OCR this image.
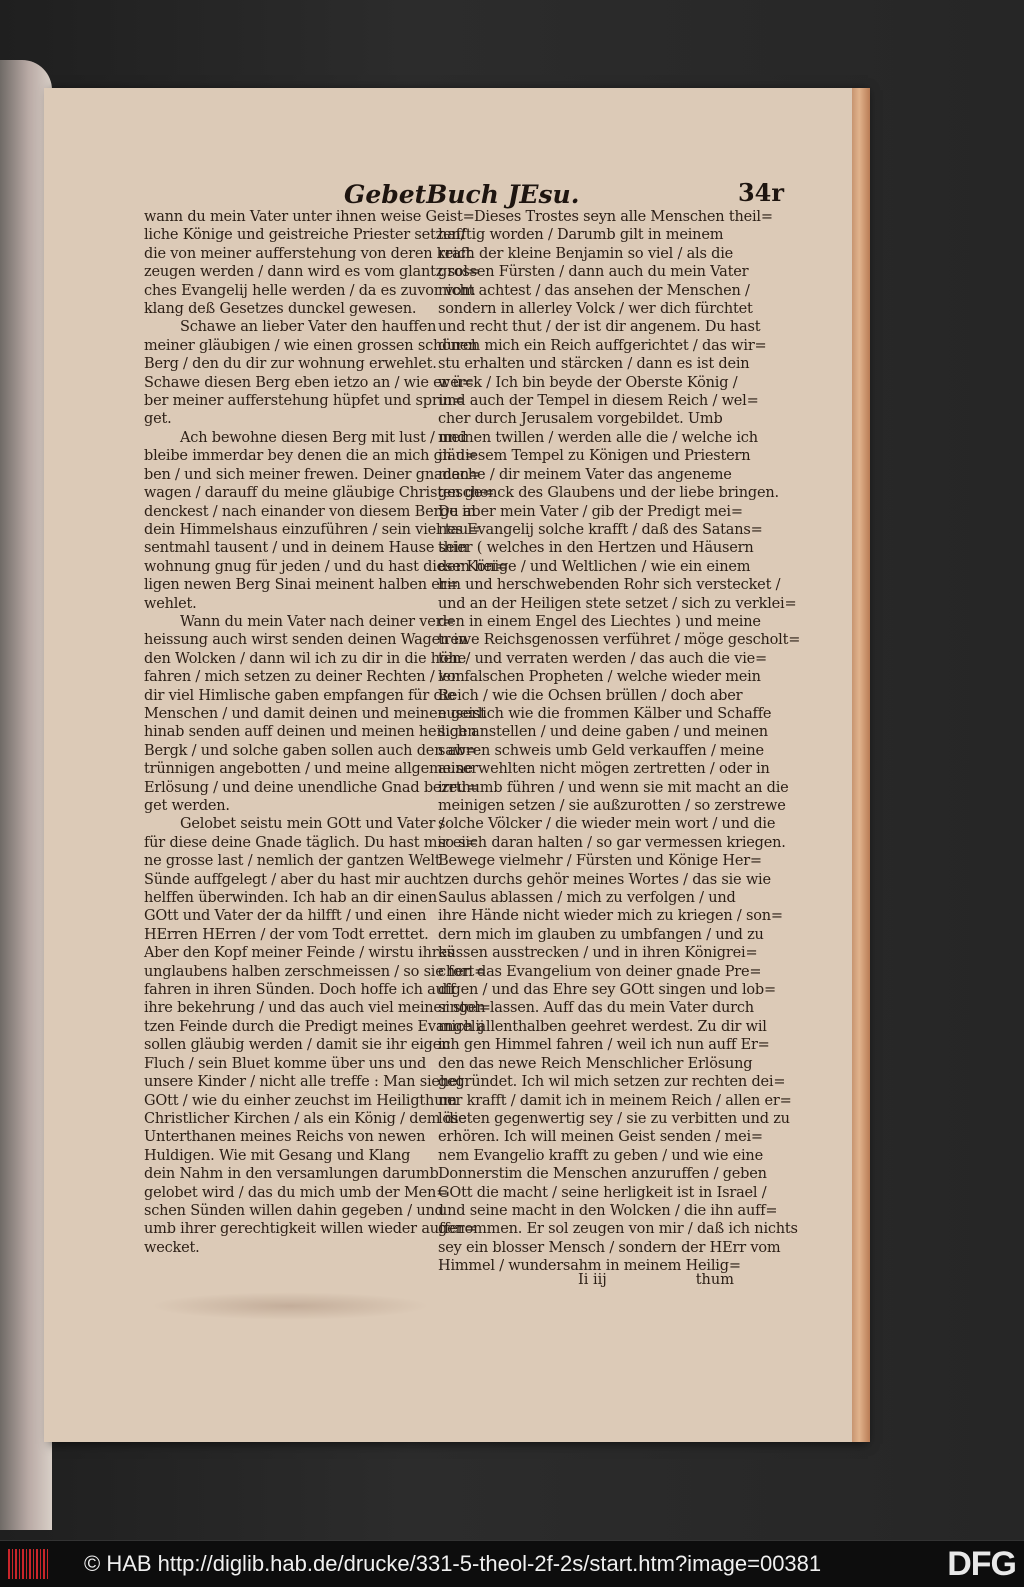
GebetBuch JEsu.	34r
wann du mein Vater unter ihnen weise Geist=
liche Könige und geistreiche Priester setzen/
die von meiner aufferstehung von deren kraft
zeugen werden / dann wird es vom glantz sol=
ches Evangelij helle werden / da es zuvor vom
klang deß Gesetzes dunckel gewesen.
Schawe an lieber Vater den hauffen
meiner gläubigen / wie einen grossen schönen
Berg / den du dir zur wohnung erwehlet.
Schawe diesen Berg eben ietzo an / wie er ü=
ber meiner aufferstehung hüpfet und sprin=
get.
Ach bewohne diesen Berg mit lust / und
bleibe immerdar bey denen die an mich gläu=
ben / und sich meiner frewen. Deiner gnaden=
wagen / darauff du meine gläubige Christen ge=
denckest / nach einander von diesem Berge in
dein Himmelshaus einzuführen / sein viel tau=
sentmahl tausent / und in deinem Hause sein
wohnung gnug für jeden / und du hast diesen hei=
ligen newen Berg Sinai meinent halben er=
wehlet.
Wann du mein Vater nach deiner ver=
heissung auch wirst senden deinen Wagen in
den Wolcken / dann wil ich zu dir in die höhe
fahren / mich setzen zu deiner Rechten / von
dir viel Himlische gaben empfangen für die
Menschen / und damit deinen und meinen geist
hinab senden auff deinen und meinen heiligen
Bergk / und solche gaben sollen auch den ab=
trünnigen angebotten / und meine allgemeine
Erlösung / und deine unendliche Gnad bezeu=
get werden.
Gelobet seistu mein GOtt und Vater /
für diese deine Gnade täglich. Du hast mir ei=
ne grosse last / nemlich der gantzen Welt
Sünde auffgelegt / aber du hast mir auch
helffen überwinden. Ich hab an dir einen
GOtt und Vater der da hilfft / und einen
HErren HErren / der vom Todt errettet.
Aber den Kopf meiner Feinde / wirstu ihres
unglaubens halben zerschmeissen / so sie fort=
fahren in ihren Sünden. Doch hoffe ich auff
ihre bekehrung / und das auch viel meiner stol=
tzen Feinde durch die Predigt meines Evangelij
sollen gläubig werden / damit sie ihr eigen
Fluch / sein Bluet komme über uns und
unsere Kinder / nicht alle treffe : Man siehet
GOtt / wie du einher zeuchst im Heiligthum
Christlicher Kirchen / als ein König / dem die
Unterthanen meines Reichs von newen
Huldigen. Wie mit Gesang und Klang
dein Nahm in den versamlungen darumb
gelobet wird / das du mich umb der Men=
schen Sünden willen dahin gegeben / und
umb ihrer gerechtigkeit willen wieder auffer=
wecket.
Dieses Trostes seyn alle Menschen theil=
hafftig worden / Darumb gilt in meinem
reich der kleine Benjamin so viel / als die
grossen Fürsten / dann auch du mein Vater
nicht achtest / das ansehen der Menschen /
sondern in allerley Volck / wer dich fürchtet
und recht thut / der ist dir angenem. Du hast
durch mich ein Reich auffgerichtet / das wir=
stu erhalten und stärcken / dann es ist dein
werck / Ich bin beyde der Oberste König /
und auch der Tempel in diesem Reich / wel=
cher durch Jerusalem vorgebildet. Umb
meinen twillen / werden alle die / welche ich
in diesem Tempel zu Königen und Priestern
mache / dir meinem Vater das angeneme
geschenck des Glaubens und der liebe bringen.
Du aber mein Vater / gib der Predigt mei=
nes Evangelij solche krafft / daß des Satans=
thier ( welches in den Hertzen und Häusern
der Könige / und Weltlichen / wie ein einem
hin und herschwebenden Rohr sich verstecket /
und an der Heiligen stete setzet / sich zu verklei=
den in einem Engel des Liechtes ) und meine
trewe Reichsgenossen verführet / möge gescholt=
ten / und verraten werden / das auch die vie=
len falschen Propheten / welche wieder mein
Reich / wie die Ochsen brüllen / doch aber
euserlich wie die frommen Kälber und Schaffe
sich anstellen / und deine gaben / und meinen
sawren schweis umb Geld verkauffen / meine
auserwehlten nicht mögen zertretten / oder in
irrthumb führen / und wenn sie mit macht an die
meinigen setzen / sie außzurotten / so zerstrewe
solche Völcker / die wieder mein wort / und die
so sich daran halten / so gar vermessen kriegen.
Bewege vielmehr / Fürsten und Könige Her=
tzen durchs gehör meines Wortes / das sie wie
Saulus ablassen / mich zu verfolgen / und
ihre Hände nicht wieder mich zu kriegen / son=
dern mich im glauben zu umbfangen / und zu
küssen ausstrecken / und in ihren Königrei=
chen das Evangelium von deiner gnade Pre=
digen / und das Ehre sey GOtt singen und lob=
singen lassen. Auff das du mein Vater durch
mich allenthalben geehret werdest. Zu dir wil
ich gen Himmel fahren / weil ich nun auff Er=
den das newe Reich Menschlicher Erlösung
gegründet. Ich wil mich setzen zur rechten dei=
ner krafft / damit ich in meinem Reich / allen er=
löseten gegenwertig sey / sie zu verbitten und zu
erhören. Ich will meinen Geist senden / mei=
nem Evangelio krafft zu geben / und wie eine
Donnerstim die Menschen anzuruffen / geben
GOtt die macht / seine herligkeit ist in Israel /
und seine macht in den Wolcken / die ihn auff=
genommen. Er sol zeugen von mir / daß ich nichts
sey ein blosser Mensch / sondern der HErr vom
Himmel / wundersahm in meinem Heilig=
Ii iij	thum
© HAB http://diglib.hab.de/drucke/331-5-theol-2f-2s/start.htm?image=00381	DFG
